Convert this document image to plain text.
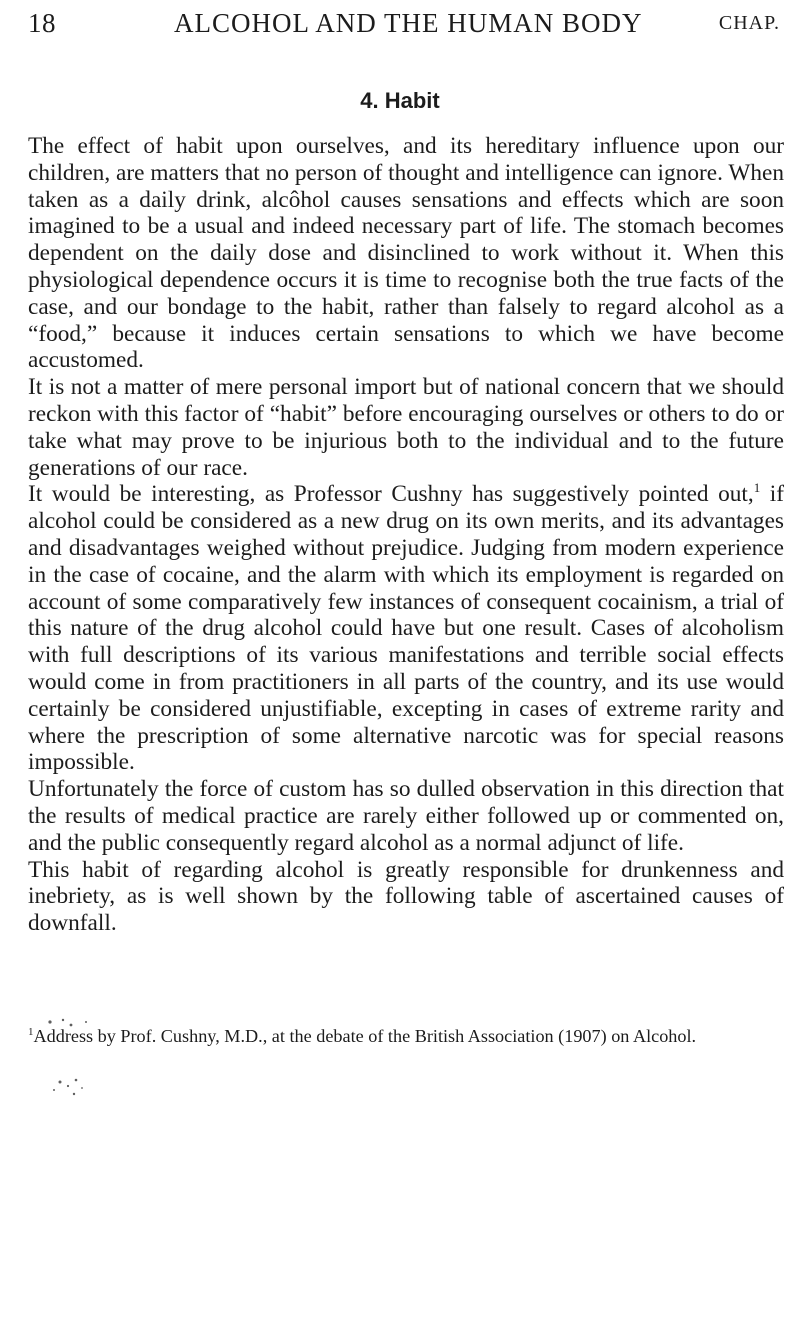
18	ALCOHOL AND THE HUMAN BODY	CHAP.
4. Habit

The effect of habit upon ourselves, and its hereditary influence upon our children, are matters that no person of thought and intelligence can ignore. When taken as a daily drink, alcôhol causes sensations and effects which are soon imagined to be a usual and indeed necessary part of life. The stomach becomes dependent on the daily dose and disinclined to work without it. When this physiological dependence occurs it is time to recognise both the true facts of the case, and our bondage to the habit, rather than falsely to regard alcohol as a “food,” because it induces certain sensations to which we have become accustomed.

It is not a matter of mere personal import but of national concern that we should reckon with this factor of “habit” before encouraging ourselves or others to do or take what may prove to be injurious both to the individual and to the future generations of our race.

It would be interesting, as Professor Cushny has suggestively pointed out,$^1$ if alcohol could be considered as a new drug on its own merits, and its advantages and disadvantages weighed without prejudice. Judging from modern experience in the case of cocaine, and the alarm with which its employment is regarded on account of some comparatively few instances of consequent cocainism, a trial of this nature of the drug alcohol could have but one result. Cases of alcoholism with full descriptions of its various manifestations and terrible social effects would come in from practitioners in all parts of the country, and its use would certainly be considered unjustifiable, excepting in cases of extreme rarity and where the prescription of some alternative narcotic was for special reasons impossible.

Unfortunately the force of custom has so dulled observation in this direction that the results of medical practice are rarely either followed up or commented on, and the public consequently regard alcohol as a normal adjunct of life.

This habit of regarding alcohol is greatly responsible for drunkenness and inebriety, as is well shown by the following table of ascertained causes of downfall.

$^1$Address by Prof. Cushny, M.D., at the debate of the British Association (1907) on Alcohol.
